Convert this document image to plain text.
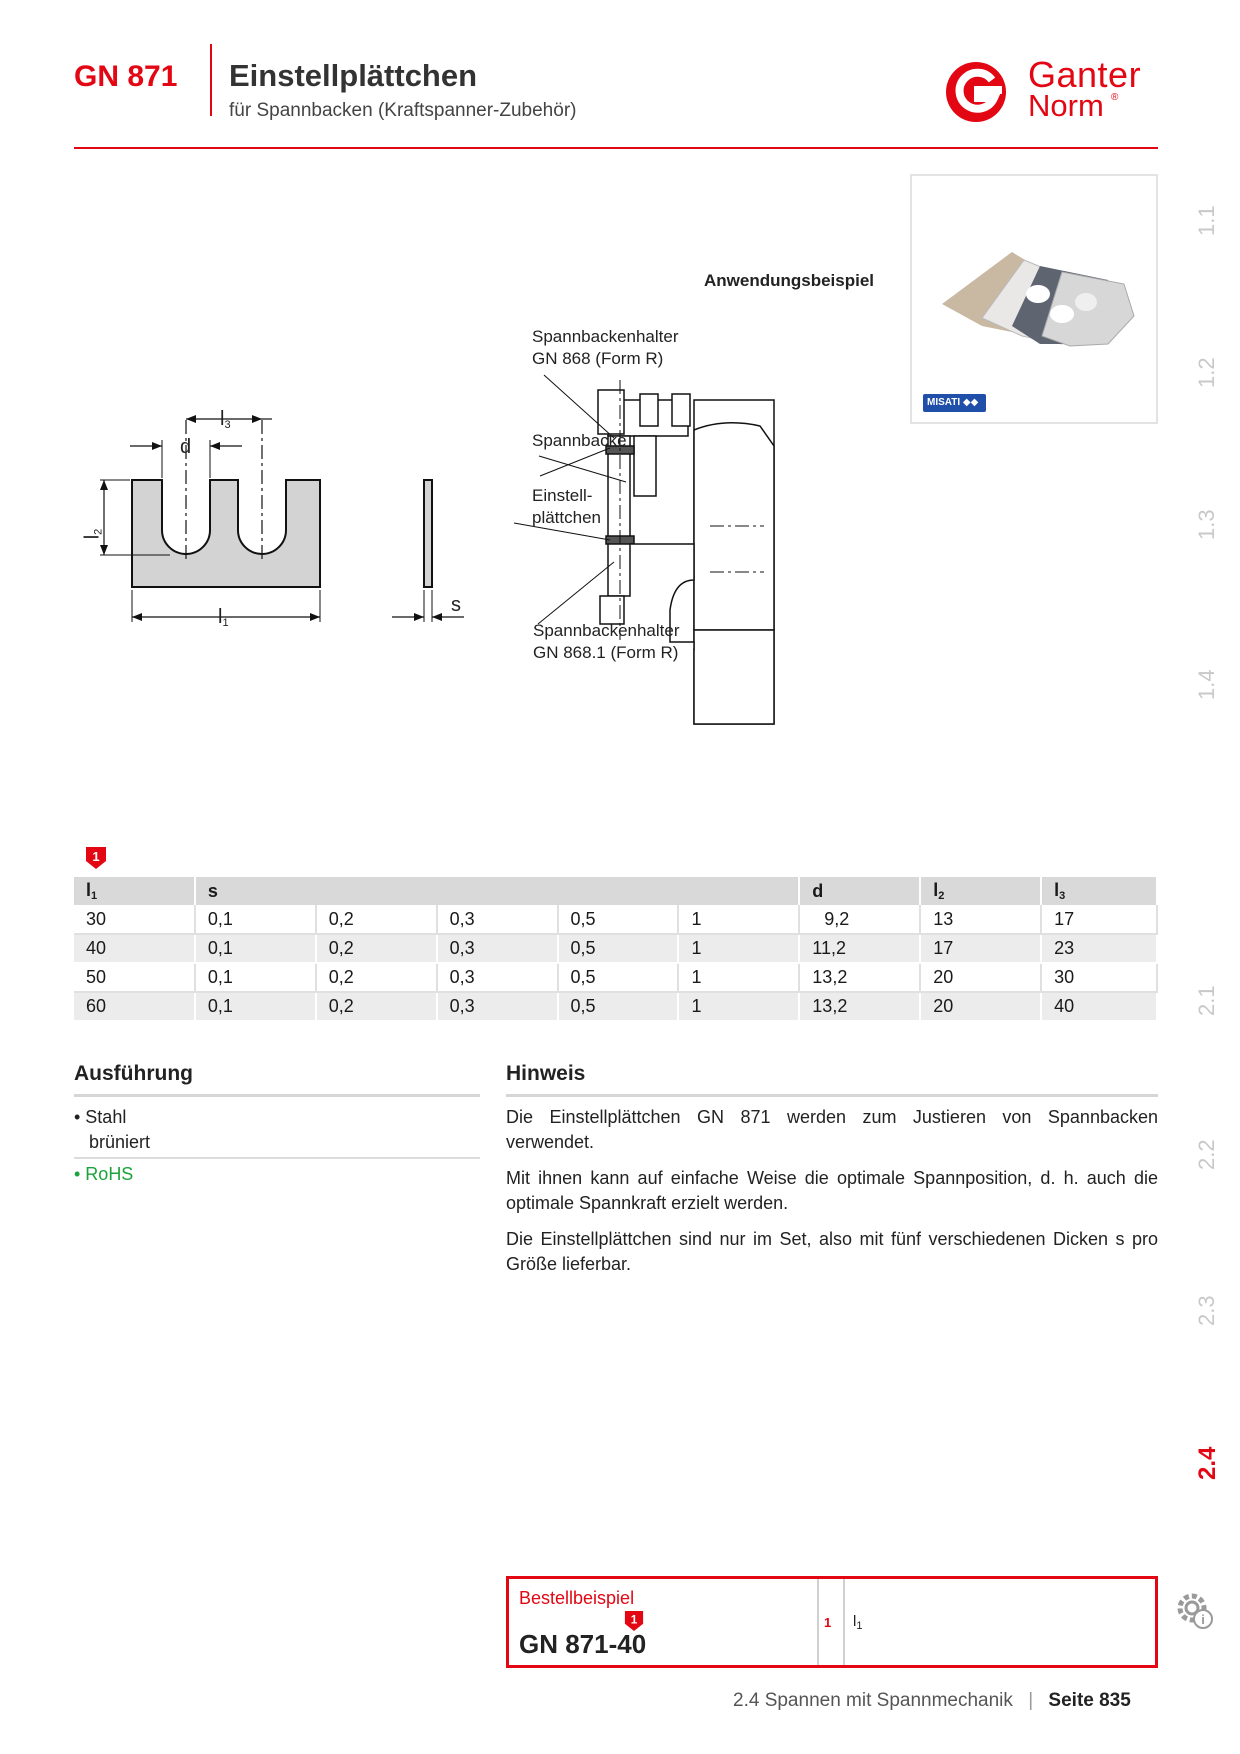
GN 871 Einstellplättchen
für Spannbacken (Kraftspanner-Zubehör)
Ganter
Norm ®
1.1
1.2
1.3
1.4
2.1
2.2
2.3
2.4
MISATI ◆◆
$l_3$
d
$l_2$
$l_1$
s
Anwendungsbeispiel
Spannbackenhalter
GN 868 (Form R)
Spannbacke
Einstell-
plättchen
Spannbackenhalter
GN 868.1 (Form R)
1
$l_1$	s					d	$l_2$	$l_3$
30	0,1	0,2	0,3	0,5	1	9,2	13	17
40	0,1	0,2	0,3	0,5	1	11,2	17	23
50	0,1	0,2	0,3	0,5	1	13,2	20	30
60	0,1	0,2	0,3	0,5	1	13,2	20	40
Ausführung
• Stahl
brüniert
• RoHS
Hinweis

Die Einstellplättchen GN 871 werden zum Justieren von Spannbacken verwendet.

Mit ihnen kann auf einfache Weise die optimale Spannposition, d. h. auch die optimale Spannkraft erzielt werden.

Die Einstellplättchen sind nur im Set, also mit fünf verschiedenen Dicken s pro Größe lieferbar.

Bestellbeispiel
1
GN 871-40
1 $l_1$	i
2.4 Spannen mit Spannmechanik | Seite 835
